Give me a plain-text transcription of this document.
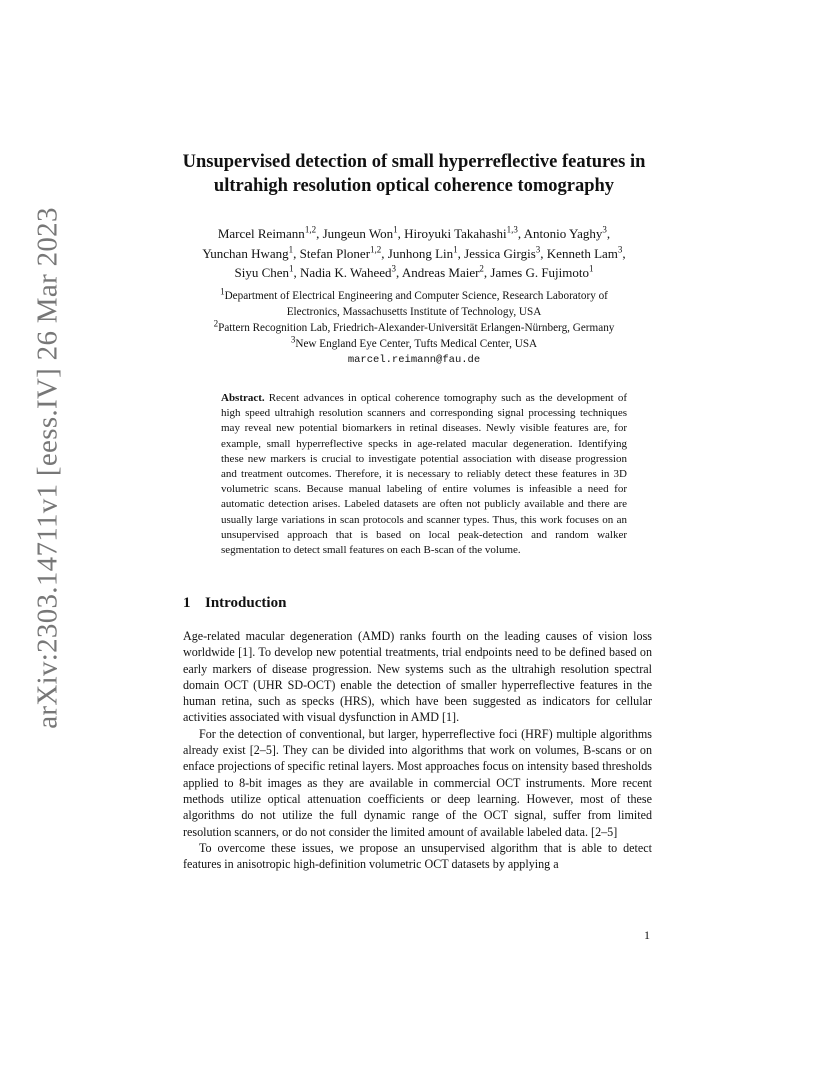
arXiv:2303.14711v1 [eess.IV] 26 Mar 2023
Unsupervised detection of small hyperreflective features in
ultrahigh resolution optical coherence tomography
Marcel Reimann$^{1,2}$, Jungeun Won$^1$, Hiroyuki Takahashi$^{1,3}$, Antonio Yaghy$^3$,
Yunchan Hwang$^1$, Stefan Ploner$^{1,2}$, Junhong Lin$^1$, Jessica Girgis$^3$, Kenneth Lam$^3$,
Siyu Chen$^1$, Nadia K. Waheed$^3$, Andreas Maier$^2$, James G. Fujimoto$^1$
$^1$Department of Electrical Engineering and Computer Science, Research Laboratory of
Electronics, Massachusetts Institute of Technology, USA
$^2$Pattern Recognition Lab, Friedrich-Alexander-Universität Erlangen-Nürnberg, Germany
$^3$New England Eye Center, Tufts Medical Center, USA
marcel.reimann@fau.de

Abstract. Recent advances in optical coherence tomography such as the development of high speed ultrahigh resolution scanners and corresponding signal processing techniques may reveal new potential biomarkers in retinal diseases. Newly visible features are, for example, small hyperreflective specks in age-related macular degeneration. Identifying these new markers is crucial to investigate potential association with disease progression and treatment outcomes. Therefore, it is necessary to reliably detect these features in 3D volumetric scans. Because manual labeling of entire volumes is infeasible a need for automatic detection arises. Labeled datasets are often not publicly available and there are usually large variations in scan protocols and scanner types. Thus, this work focuses on an unsupervised approach that is based on local peak-detection and random walker segmentation to detect small features on each B-scan of the volume.

1 Introduction

Age-related macular degeneration (AMD) ranks fourth on the leading causes of vision loss worldwide [1]. To develop new potential treatments, trial endpoints need to be defined based on early markers of disease progression. New systems such as the ultrahigh resolution spectral domain OCT (UHR SD-OCT) enable the detection of smaller hyperreflective features in the human retina, such as specks (HRS), which have been suggested as indicators for cellular activities associated with visual dysfunction in AMD [1].

For the detection of conventional, but larger, hyperreflective foci (HRF) multiple algorithms already exist [2–5]. They can be divided into algorithms that work on volumes, B-scans or on enface projections of specific retinal layers. Most approaches focus on intensity based thresholds applied to 8-bit images as they are available in commercial OCT instruments. More recent methods utilize optical attenuation coefficients or deep learning. However, most of these algorithms do not utilize the full dynamic range of the OCT signal, suffer from limited resolution scanners, or do not consider the limited amount of available labeled data. [2–5]

To overcome these issues, we propose an unsupervised algorithm that is able to detect features in anisotropic high-definition volumetric OCT datasets by applying a

1
